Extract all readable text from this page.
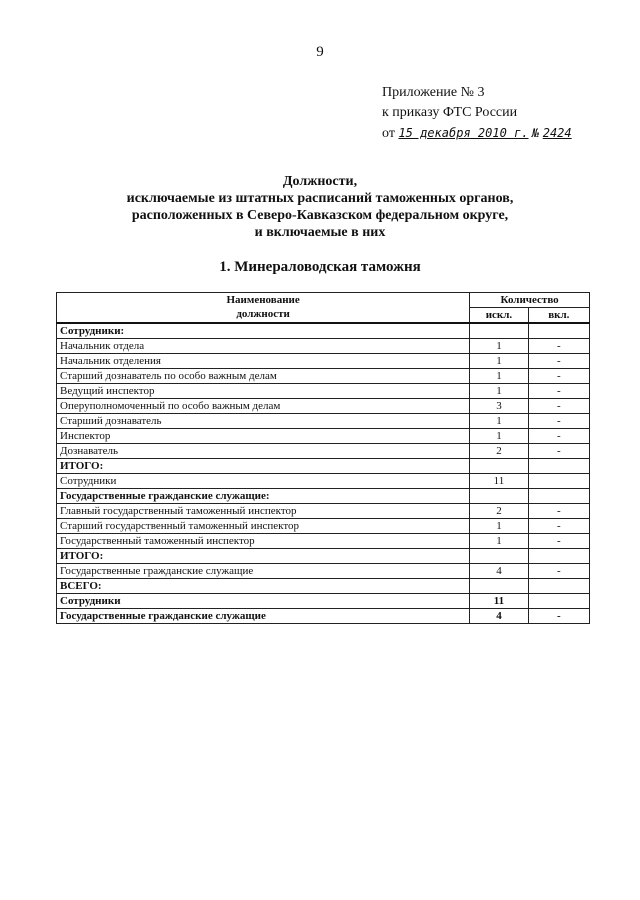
9
Приложение № 3
к приказу ФТС России
от 15 декабря 2010 г. № 2424
Должности,
исключаемые из штатных расписаний таможенных органов,
расположенных в Северо-Кавказском федеральном округе,
и включаемые в них
1. Минераловодская таможня
Наименование	Количество	
должности	искл.	вкл.
Сотрудники:		
Начальник отдела	1	-
Начальник отделения	1	-
Старший дознаватель по особо важным делам	1	-
Ведущий инспектор	1	-
Оперуполномоченный по особо важным делам	3	-
Старший дознаватель	1	-
Инспектор	1	-
Дознаватель	2	-
ИТОГО:		
Сотрудники	11	
Государственные гражданские служащие:		
Главный государственный таможенный инспектор	2	-
Старший государственный таможенный инспектор	1	-
Государственный таможенный инспектор	1	-
ИТОГО:		
Государственные гражданские служащие	4	-
ВСЕГО:		
Сотрудники	11	
Государственные гражданские служащие	4	-
